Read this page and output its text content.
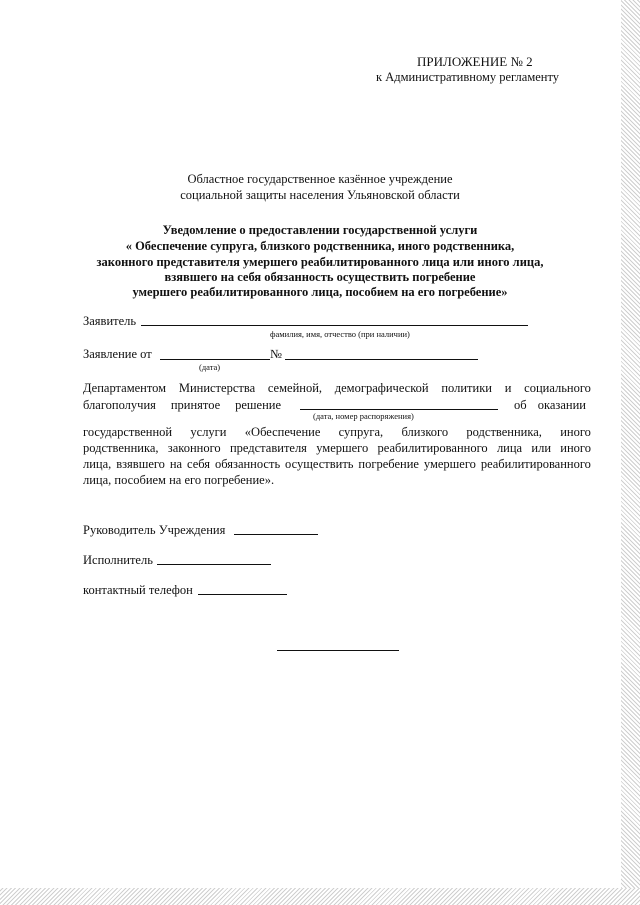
ПРИЛОЖЕНИЕ № 2
к Административному регламенту
Областное государственное казённое учреждение
социальной защиты населения Ульяновской области
Уведомление о предоставлении государственной услуги
« Обеспечение супруга, близкого родственника, иного родственника,
законного представителя умершего реабилитированного лица или иного лица,
взявшего на себя обязанность осуществить погребение
умершего реабилитированного лица, пособием на его погребение»
Заявитель
фамилия, имя, отчество (при наличии)
Заявление от	№
(дата)
Департаментом Министерства семейной, демографической политики и социального
благополучия принятое решение	об оказании
(дата, номер распоряжения)
государственной услуги «Обеспечение супруга, близкого родственника, иного
родственника, законного представителя умершего реабилитированного лица или иного
лица, взявшего на себя обязанность осуществить погребение умершего реабилитированного
лица, пособием на его погребение».
Руководитель Учреждения
Исполнитель
контактный телефон
